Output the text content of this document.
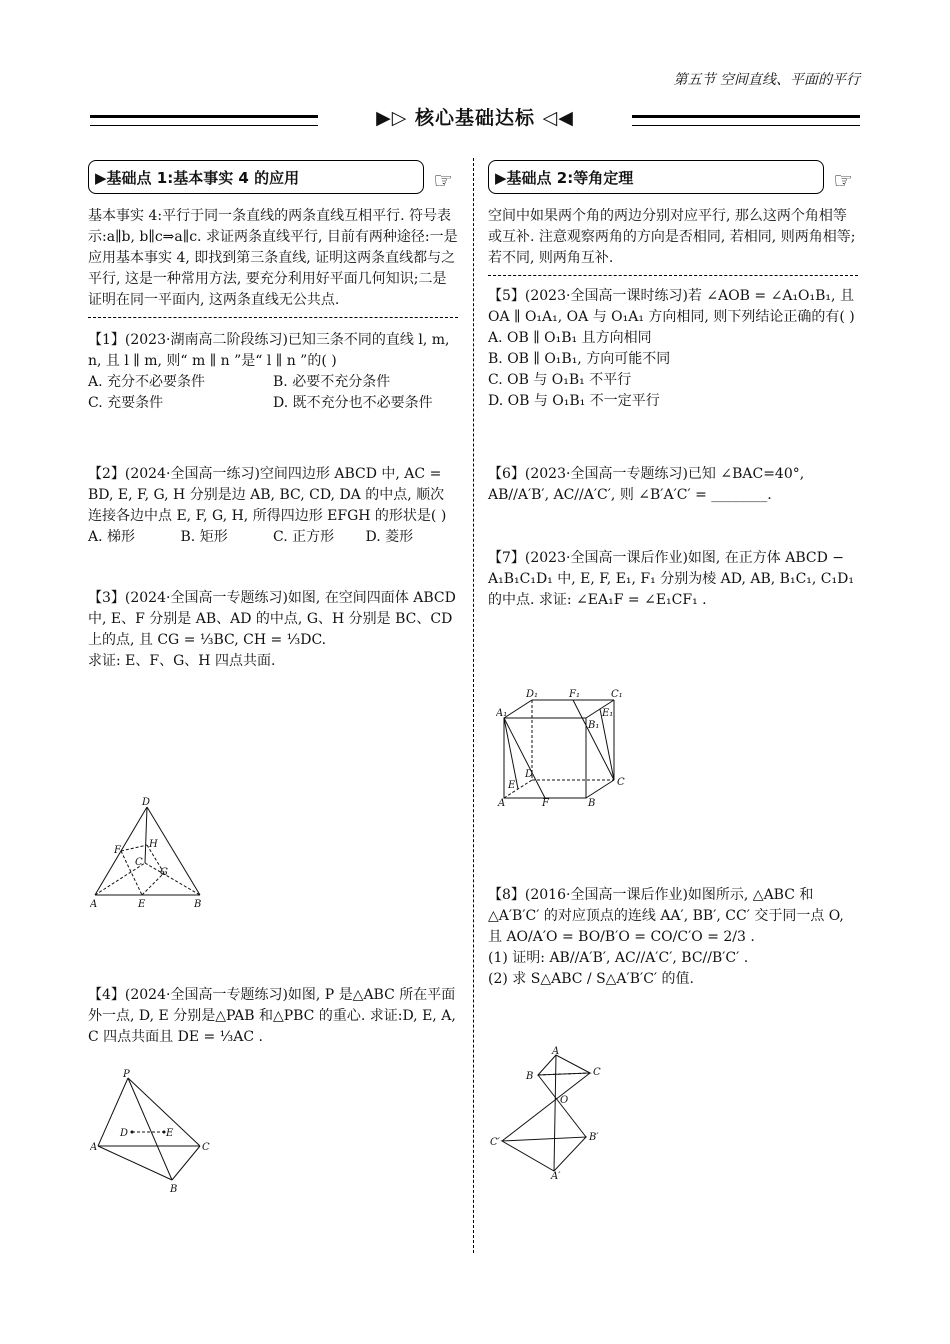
第五节 空间直线、平面的平行
▶▷ 核心基础达标 ◁◀
▶基础点 1:基本事实 4 的应用	☞
基本事实 4:平行于同一条直线的两条直线互相平行. 符号表示:a∥b, b∥c⇒a∥c. 求证两条直线平行, 目前有两种途径:一是应用基本事实 4, 即找到第三条直线, 证明这两条直线都与之平行, 这是一种常用方法, 要充分利用好平面几何知识;二是证明在同一平面内, 这两条直线无公共点.
【1】(2023·湖南高二阶段练习)已知三条不同的直线 l, m, n, 且 l ∥ m, 则“ m ∥ n ”是“ l ∥ n ”的( )
A. 充分不必要条件	B. 必要不充分条件
C. 充要条件	D. 既不充分也不必要条件
【2】(2024·全国高一练习)空间四边形 ABCD 中, AC = BD, E, F, G, H 分别是边 AB, BC, CD, DA 的中点, 顺次连接各边中点 E, F, G, H, 所得四边形 EFGH 的形状是( )
A. 梯形	B. 矩形	C. 正方形	D. 菱形
【3】(2024·全国高一专题练习)如图, 在空间四面体 ABCD 中, E、F 分别是 AB、AD 的中点, G、H 分别是 BC、CD 上的点, 且 CG = ⅓BC, CH = ⅓DC.
求证: E、F、G、H 四点共面.
D
F
H
C
G
A	E	B
【4】(2024·全国高一专题练习)如图, P 是△ABC 所在平面外一点, D, E 分别是△PAB 和△PBC 的重心. 求证:D, E, A, C 四点共面且 DE = ⅓AC .
P
D	E
A	C
B
▶基础点 2:等角定理	☞
空间中如果两个角的两边分别对应平行, 那么这两个角相等或互补. 注意观察两角的方向是否相同, 若相同, 则两角相等;若不同, 则两角互补.
【5】(2023·全国高一课时练习)若 ∠AOB = ∠A₁O₁B₁, 且 OA ∥ O₁A₁, OA 与 O₁A₁ 方向相同, 则下列结论正确的有( )
A. OB ∥ O₁B₁ 且方向相同
B. OB ∥ O₁B₁, 方向可能不同
C. OB 与 O₁B₁ 不平行
D. OB 与 O₁B₁ 不一定平行
【6】(2023·全国高一专题练习)已知 ∠BAC=40°, AB//A′B′, AC//A′C′, 则 ∠B′A′C′ = ________.
【7】(2023·全国高一课后作业)如图, 在正方体 ABCD − A₁B₁C₁D₁ 中, E, F, E₁, F₁ 分别为棱 AD, AB, B₁C₁, C₁D₁ 的中点. 求证: ∠EA₁F = ∠E₁CF₁ .
D₁	F₁	C₁
E₁
B₁
A₁
D
C
E
A	F	B
【8】(2016·全国高一课后作业)如图所示, △ABC 和 △A′B′C′ 的对应顶点的连线 AA′, BB′, CC′ 交于同一点 O, 且 AO/A′O = BO/B′O = CO/C′O = 2/3 .
(1) 证明: AB//A′B′, AC//A′C′, BC//B′C′ .
(2) 求 S△ABC / S△A′B′C′ 的值.
A
B	C
O
C′	B′
A′
